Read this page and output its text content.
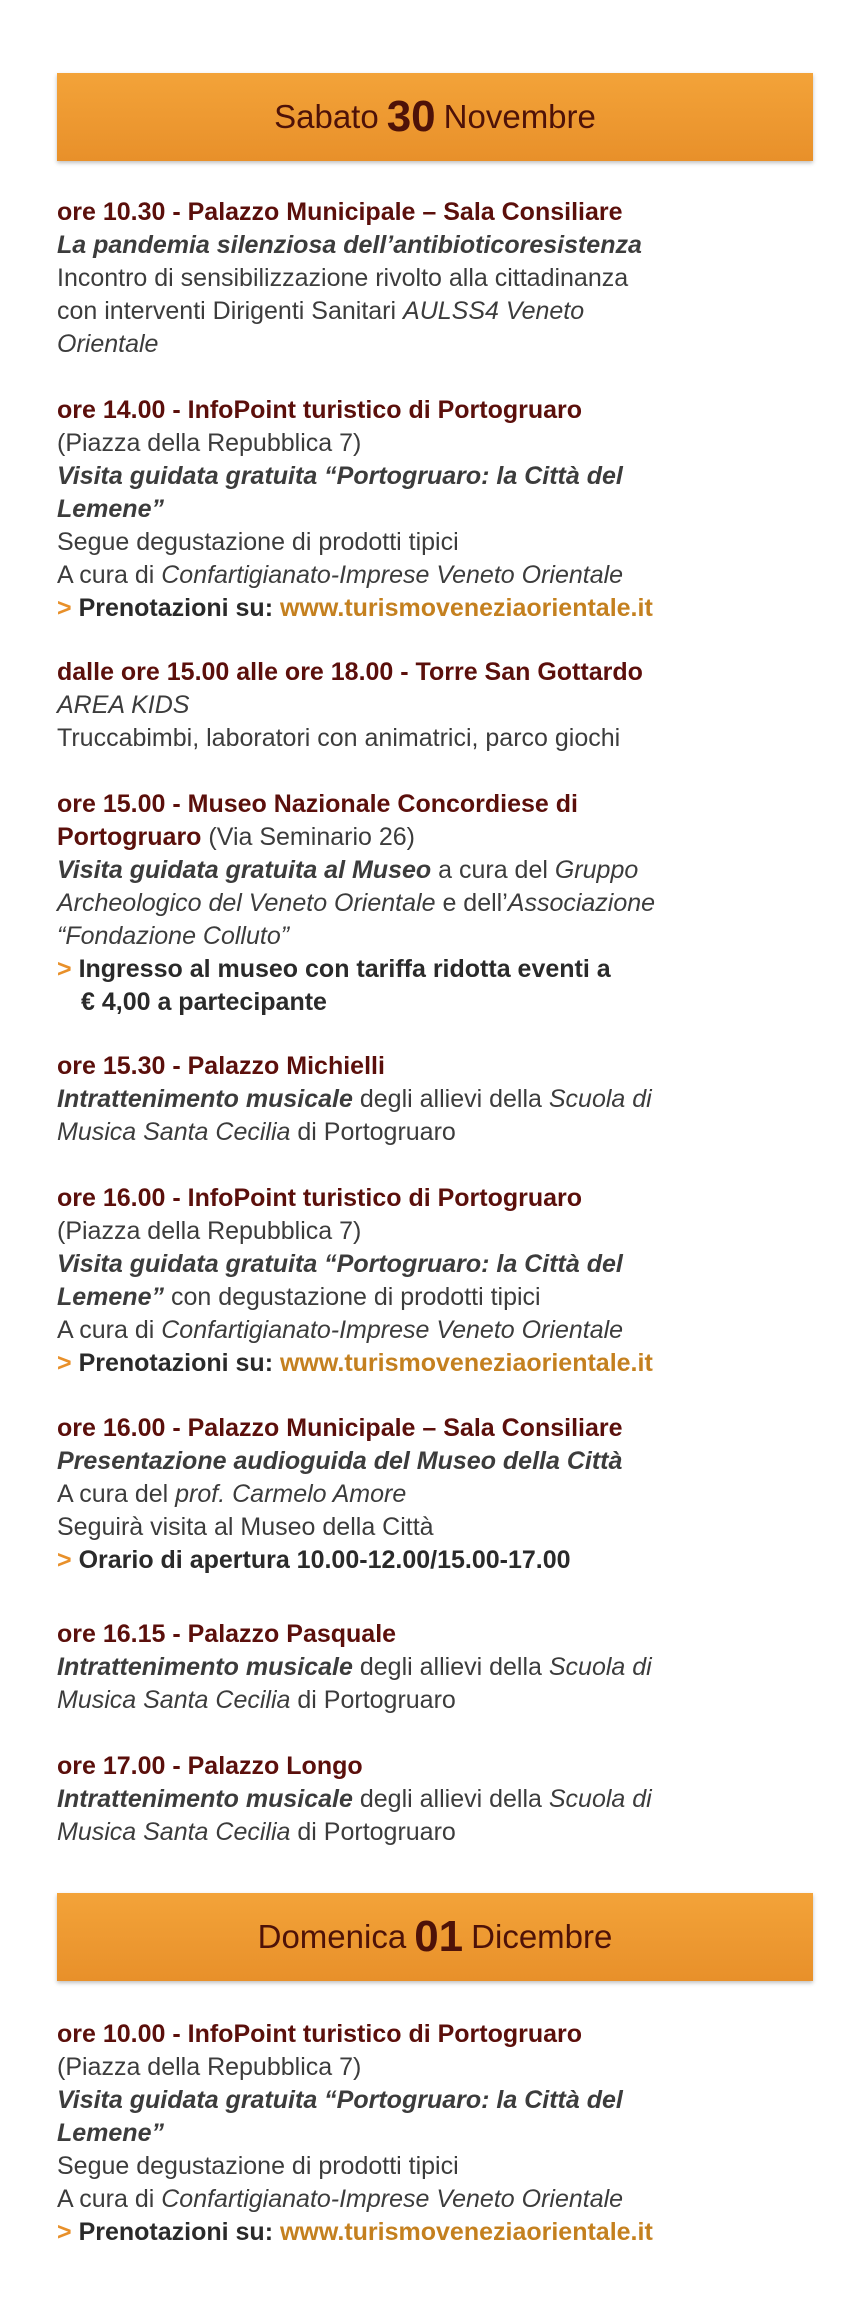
Sabato 30 Novembre
ore 10.30 - Palazzo Municipale – Sala Consiliare
La pandemia silenziosa dell’antibioticoresistenza
Incontro di sensibilizzazione rivolto alla cittadinanza
con interventi Dirigenti Sanitari AULSS4 Veneto
Orientale
ore 14.00 - InfoPoint turistico di Portogruaro
(Piazza della Repubblica 7)
Visita guidata gratuita “Portogruaro: la Città del
Lemene”
Segue degustazione di prodotti tipici
A cura di Confartigianato-Imprese Veneto Orientale
> Prenotazioni su: www.turismoveneziaorientale.it
dalle ore 15.00 alle ore 18.00 - Torre San Gottardo
AREA KIDS
Truccabimbi, laboratori con animatrici, parco giochi
ore 15.00 - Museo Nazionale Concordiese di
Portogruaro (Via Seminario 26)
Visita guidata gratuita al Museo a cura del Gruppo
Archeologico del Veneto Orientale e dell’Associazione
“Fondazione Colluto”
> Ingresso al museo con tariffa ridotta eventi a
€ 4,00 a partecipante
ore 15.30 - Palazzo Michielli
Intrattenimento musicale degli allievi della Scuola di
Musica Santa Cecilia di Portogruaro
ore 16.00 - InfoPoint turistico di Portogruaro
(Piazza della Repubblica 7)
Visita guidata gratuita “Portogruaro: la Città del
Lemene” con degustazione di prodotti tipici
A cura di Confartigianato-Imprese Veneto Orientale
> Prenotazioni su: www.turismoveneziaorientale.it
ore 16.00 - Palazzo Municipale – Sala Consiliare
Presentazione audioguida del Museo della Città
A cura del prof. Carmelo Amore
Seguirà visita al Museo della Città
> Orario di apertura 10.00-12.00/15.00-17.00
ore 16.15 - Palazzo Pasquale
Intrattenimento musicale degli allievi della Scuola di
Musica Santa Cecilia di Portogruaro
ore 17.00 - Palazzo Longo
Intrattenimento musicale degli allievi della Scuola di
Musica Santa Cecilia di Portogruaro
Domenica 01 Dicembre
ore 10.00 - InfoPoint turistico di Portogruaro
(Piazza della Repubblica 7)
Visita guidata gratuita “Portogruaro: la Città del
Lemene”
Segue degustazione di prodotti tipici
A cura di Confartigianato-Imprese Veneto Orientale
> Prenotazioni su: www.turismoveneziaorientale.it
